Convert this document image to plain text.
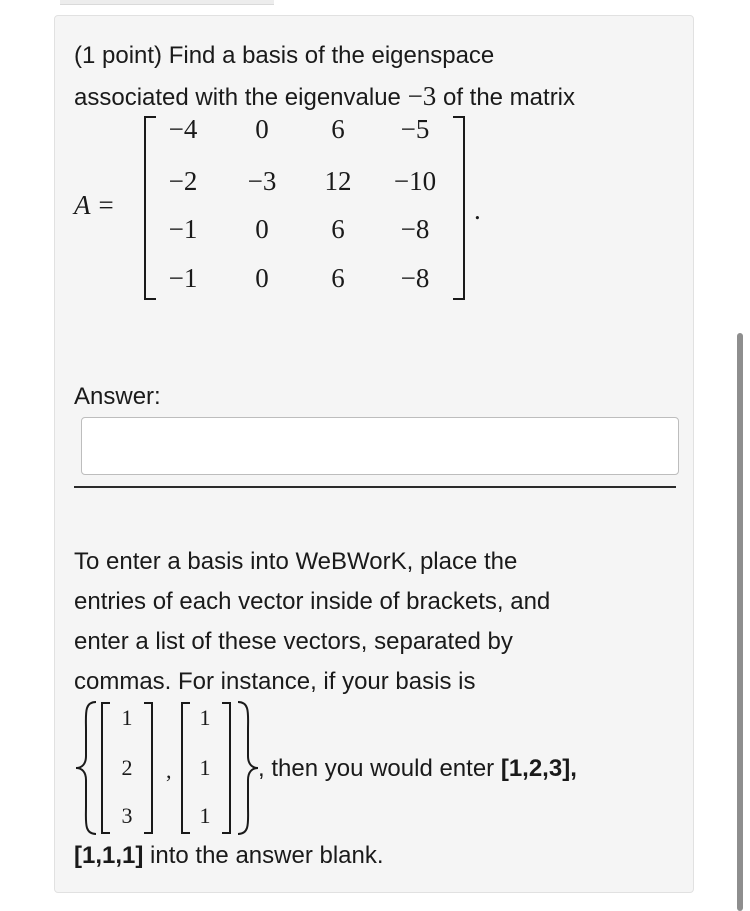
(1 point) Find a basis of the eigenspace
associated with the eigenvalue −3 of the matrix
A =	.
−4	0	6	−5
−2	−3	12	−10
−1	0	6	−8
−1	0	6	−8
Answer:
To enter a basis into WeBWorK, place the
entries of each vector inside of brackets, and
enter a list of these vectors, separated by
commas. For instance, if your basis is
1
2
3
,
1
1
1
, then you would enter [1,2,3],
[1,1,1] into the answer blank.
